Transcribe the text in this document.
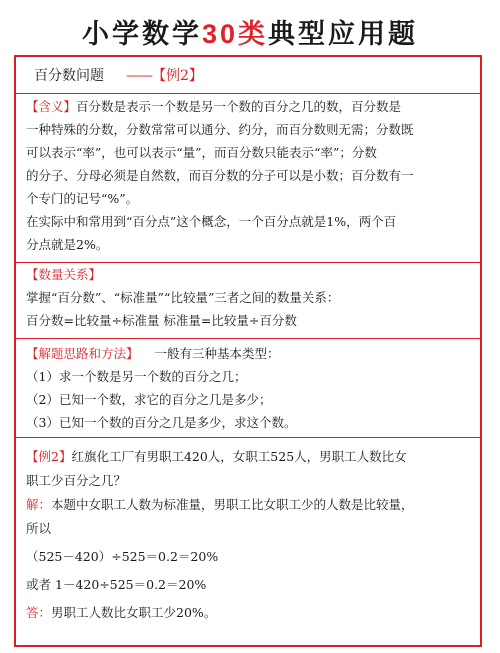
小学数学30类典型应用题
百分数问题 ——【例2】
【含义】百分数是表示一个数是另一个数的百分之几的数，百分数是
一种特殊的分数，分数常常可以通分、约分，而百分数则无需；分数既
可以表示“率”，也可以表示“量”，而百分数只能表示“率”；分数
的分子、分母必须是自然数，而百分数的分子可以是小数；百分数有一
个专门的记号“%”。
在实际中和常用到“百分点”这个概念，一个百分点就是1%，两个百
分点就是2%。
【数量关系】
掌握“百分数”、“标准量”“比较量”三者之间的数量关系：
百分数=比较量÷标准量 标准量=比较量÷百分数
【解题思路和方法】 一般有三种基本类型：
（1）求一个数是另一个数的百分之几；
（2）已知一个数，求它的百分之几是多少；
（3）已知一个数的百分之几是多少，求这个数。
【例2】红旗化工厂有男职工420人，女职工525人，男职工人数比女
职工少百分之几？
解：本题中女职工人数为标准量，男职工比女职工少的人数是比较量，
所以
（525－420）÷525＝0.2＝20%
或者 1－420÷525＝0.2＝20%
答：男职工人数比女职工少20%。
